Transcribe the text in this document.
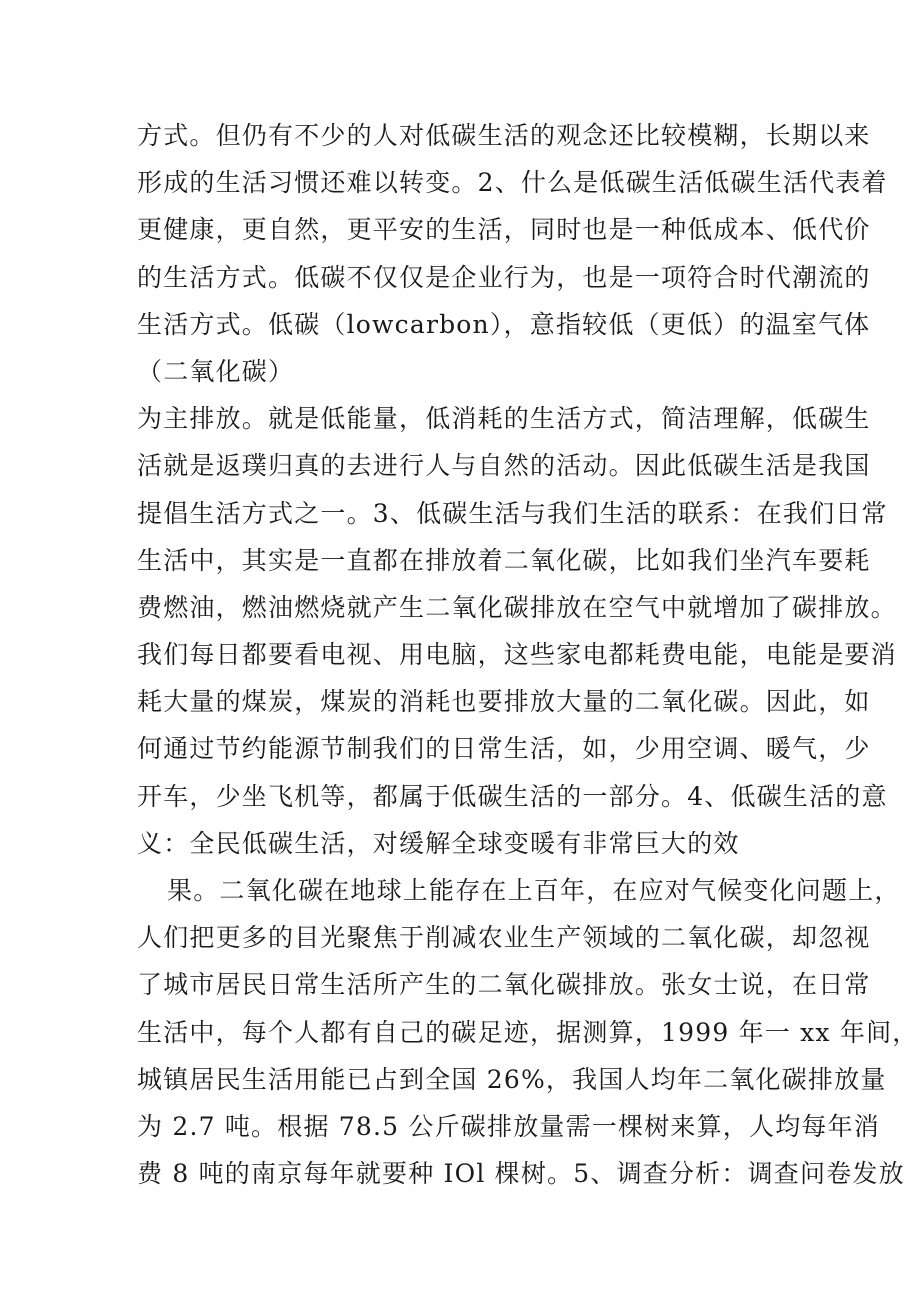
方式。但仍有不少的人对低碳生活的观念还比较模糊，长期以来
形成的生活习惯还难以转变。2、什么是低碳生活低碳生活代表着
更健康，更自然，更平安的生活，同时也是一种低成本、低代价
的生活方式。低碳不仅仅是企业行为，也是一项符合时代潮流的
生活方式。低碳（lowcarbon），意指较低（更低）的温室气体
（二氧化碳）
为主排放。就是低能量，低消耗的生活方式，简洁理解，低碳生
活就是返璞归真的去进行人与自然的活动。因此低碳生活是我国
提倡生活方式之一。3、低碳生活与我们生活的联系：在我们日常
生活中，其实是一直都在排放着二氧化碳，比如我们坐汽车要耗
费燃油，燃油燃烧就产生二氧化碳排放在空气中就增加了碳排放。
我们每日都要看电视、用电脑，这些家电都耗费电能，电能是要消
耗大量的煤炭，煤炭的消耗也要排放大量的二氧化碳。因此，如
何通过节约能源节制我们的日常生活，如，少用空调、暖气，少
开车，少坐飞机等，都属于低碳生活的一部分。4、低碳生活的意
义：全民低碳生活，对缓解全球变暖有非常巨大的效
果。二氧化碳在地球上能存在上百年，在应对气候变化问题上，
人们把更多的目光聚焦于削减农业生产领域的二氧化碳，却忽视
了城市居民日常生活所产生的二氧化碳排放。张女士说，在日常
生活中，每个人都有自己的碳足迹，据测算，1999 年一 xx 年间，
城镇居民生活用能已占到全国 26%，我国人均年二氧化碳排放量
为 2.7 吨。根据 78.5 公斤碳排放量需一棵树来算，人均每年消
费 8 吨的南京每年就要种 IOl 棵树。5、调查分析：调查问卷发放
